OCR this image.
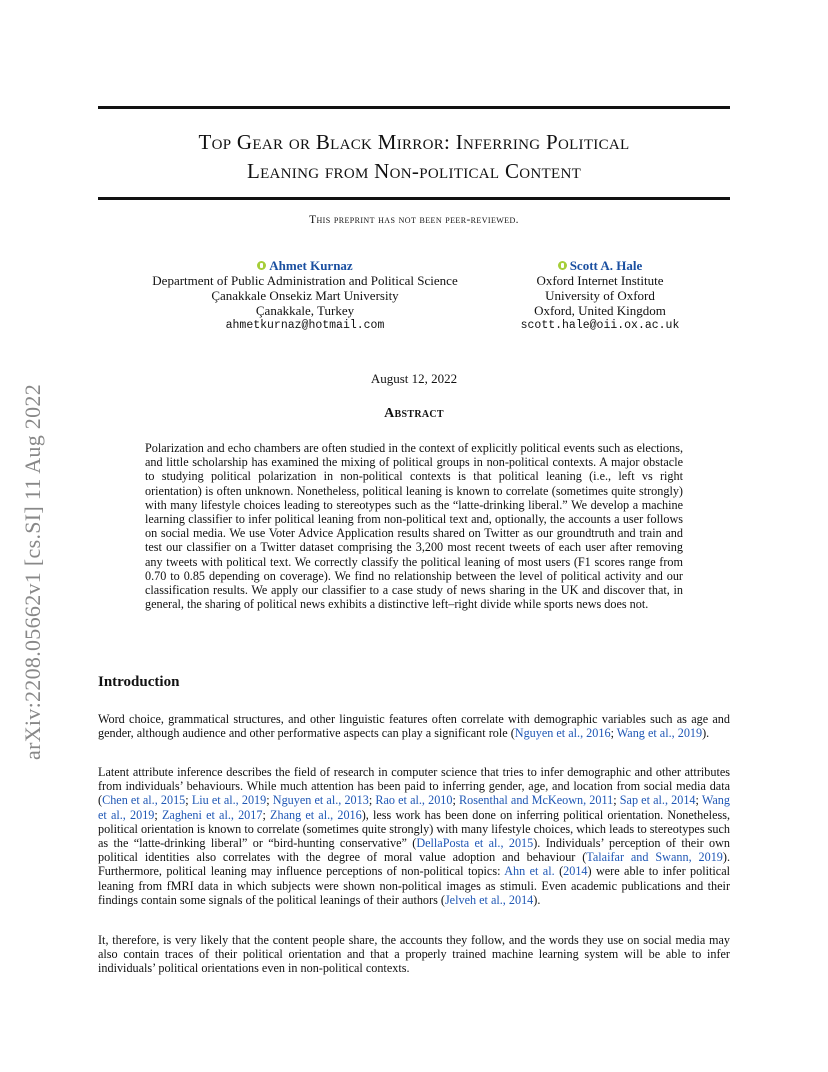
arXiv:2208.05662v1 [cs.SI] 11 Aug 2022
Top Gear or Black Mirror: Inferring Political
Leaning from Non-political Content
This preprint has not been peer-reviewed.
Ahmet Kurnaz
Department of Public Administration and Political Science
Çanakkale Onsekiz Mart University
Çanakkale, Turkey
ahmetkurnaz@hotmail.com
Scott A. Hale
Oxford Internet Institute
University of Oxford
Oxford, United Kingdom
scott.hale@oii.ox.ac.uk
August 12, 2022
Abstract
Polarization and echo chambers are often studied in the context of explicitly political events such as elections, and little scholarship has examined the mixing of political groups in non-political contexts. A major obstacle to studying political polarization in non-political contexts is that political leaning (i.e., left vs right orientation) is often unknown. Nonetheless, political leaning is known to correlate (sometimes quite strongly) with many lifestyle choices leading to stereotypes such as the “latte-drinking liberal.” We develop a machine learning classifier to infer political leaning from non-political text and, optionally, the accounts a user follows on social media. We use Voter Advice Application results shared on Twitter as our groundtruth and train and test our classifier on a Twitter dataset comprising the 3,200 most recent tweets of each user after removing any tweets with political text. We correctly classify the political leaning of most users (F1 scores range from 0.70 to 0.85 depending on coverage). We find no relationship between the level of political activity and our classification results. We apply our classifier to a case study of news sharing in the UK and discover that, in general, the sharing of political news exhibits a distinctive left–right divide while sports news does not.
Introduction
Word choice, grammatical structures, and other linguistic features often correlate with demographic variables such as age and gender, although audience and other performative aspects can play a significant role (Nguyen et al., 2016; Wang et al., 2019).
Latent attribute inference describes the field of research in computer science that tries to infer demographic and other attributes from individuals’ behaviours. While much attention has been paid to inferring gender, age, and location from social media data (Chen et al., 2015; Liu et al., 2019; Nguyen et al., 2013; Rao et al., 2010; Rosenthal and McKeown, 2011; Sap et al., 2014; Wang et al., 2019; Zagheni et al., 2017; Zhang et al., 2016), less work has been done on inferring political orientation. Nonetheless, political orientation is known to correlate (sometimes quite strongly) with many lifestyle choices, which leads to stereotypes such as the “latte-drinking liberal” or “bird-hunting conservative” (DellaPosta et al., 2015). Individuals’ perception of their own political identities also correlates with the degree of moral value adoption and behaviour (Talaifar and Swann, 2019). Furthermore, political leaning may influence perceptions of non-political topics: Ahn et al. (2014) were able to infer political leaning from fMRI data in which subjects were shown non-political images as stimuli. Even academic publications and their findings contain some signals of the political leanings of their authors (Jelveh et al., 2014).
It, therefore, is very likely that the content people share, the accounts they follow, and the words they use on social media may also contain traces of their political orientation and that a properly trained machine learning system will be able to infer individuals’ political orientations even in non-political contexts.
